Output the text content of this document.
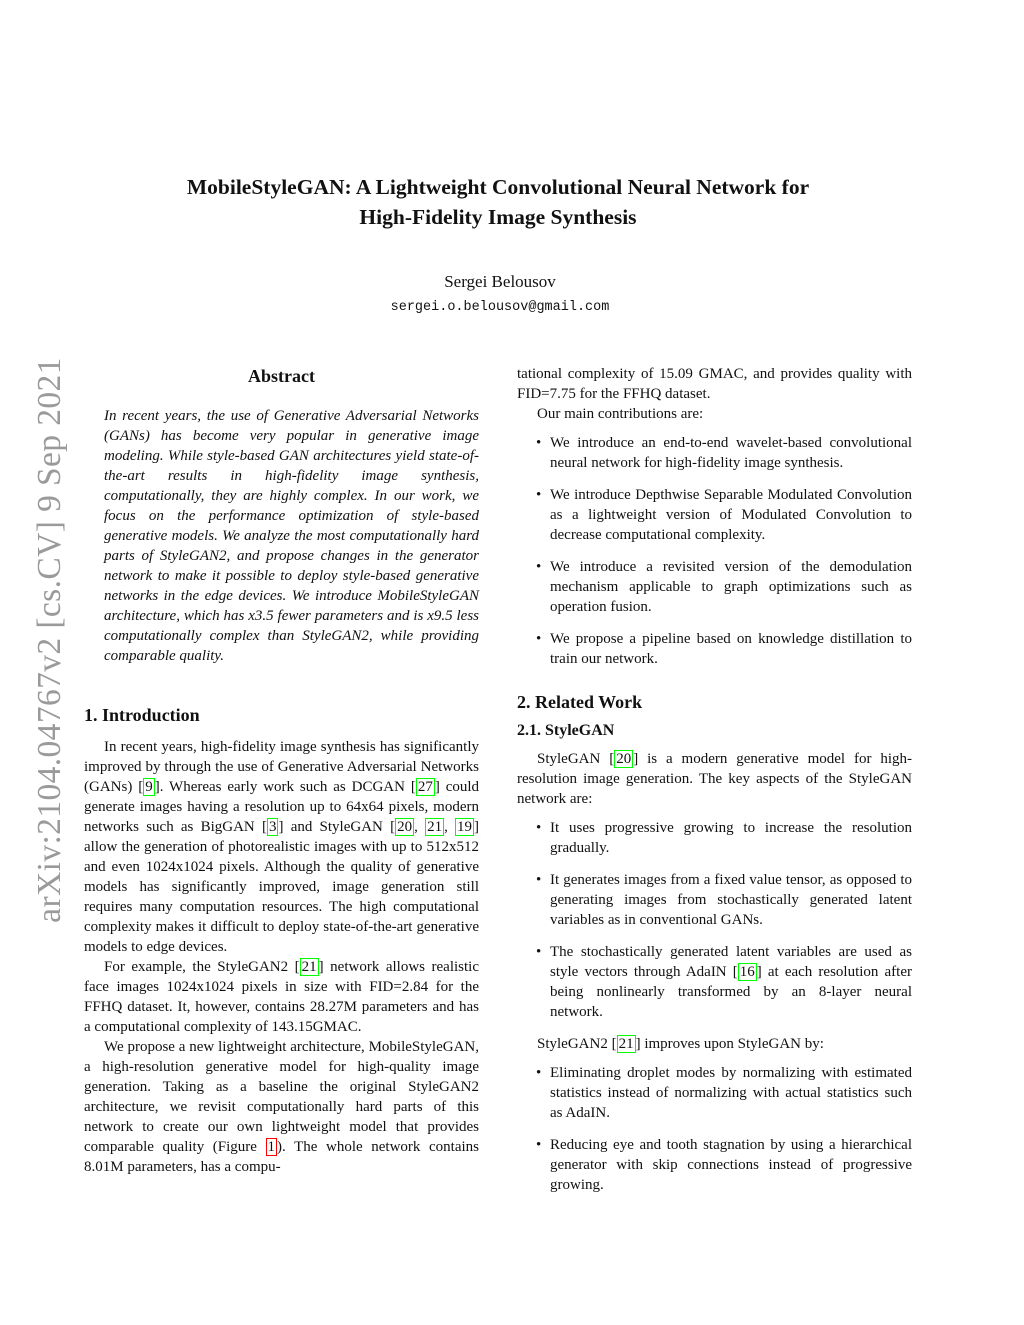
MobileStyleGAN: A Lightweight Convolutional Neural Network for
High-Fidelity Image Synthesis
Sergei Belousov
sergei.o.belousov@gmail.com
arXiv:2104.04767v2 [cs.CV] 9 Sep 2021	Abstract

In recent years, the use of Generative Adversarial Networks (GANs) has become very popular in generative image modeling. While style-based GAN architectures yield state-of-the-art results in high-fidelity image synthesis, computationally, they are highly complex. In our work, we focus on the performance optimization of style-based generative models. We analyze the most computationally hard parts of StyleGAN2, and propose changes in the generator network to make it possible to deploy style-based generative networks in the edge devices. We introduce MobileStyleGAN architecture, which has x3.5 fewer parameters and is x9.5 less computationally complex than StyleGAN2, while providing comparable quality.

1. Introduction

In recent years, high-fidelity image synthesis has significantly improved by through the use of Generative Adversarial Networks (GANs) [ 9 ]. Whereas early work such as DCGAN [ 27 ] could generate images having a resolution up to 64x64 pixels, modern networks such as BigGAN [ 3 ] and StyleGAN [ 20 , 21 , 19 ] allow the generation of photorealistic images with up to 512x512 and even 1024x1024 pixels. Although the quality of generative models has significantly improved, image generation still requires many computation resources. The high computational complexity makes it difficult to deploy state-of-the-art generative models to edge devices.

For example, the StyleGAN2 [ 21 ] network allows realistic face images 1024x1024 pixels in size with FID=2.84 for the FFHQ dataset. It, however, contains 28.27M parameters and has a computational complexity of 143.15GMAC.

We propose a new lightweight architecture, MobileStyleGAN, a high-resolution generative model for high-quality image generation. Taking as a baseline the original StyleGAN2 architecture, we revisit computationally hard parts of this network to create our own lightweight model that provides comparable quality (Figure 1 ). The whole network contains 8.01M parameters, has a compu-

tational complexity of 15.09 GMAC, and provides quality with FID=7.75 for the FFHQ dataset.

Our main contributions are:

• We introduce an end-to-end wavelet-based convolutional neural network for high-fidelity image synthesis.
• We introduce Depthwise Separable Modulated Convolution as a lightweight version of Modulated Convolution to decrease computational complexity.
• We introduce a revisited version of the demodulation mechanism applicable to graph optimizations such as operation fusion.
• We propose a pipeline based on knowledge distillation to train our network.
2. Related Work
2.1. StyleGAN

StyleGAN [ 20 ] is a modern generative model for high-resolution image generation. The key aspects of the StyleGAN network are:

• It uses progressive growing to increase the resolution gradually.
• It generates images from a fixed value tensor, as opposed to generating images from stochastically generated latent variables as in conventional GANs.
• The stochastically generated latent variables are used as style vectors through AdaIN [ 16 ] at each resolution after being nonlinearly transformed by an 8-layer neural network.

StyleGAN2 [ 21 ] improves upon StyleGAN by:

• Eliminating droplet modes by normalizing with estimated statistics instead of normalizing with actual statistics such as AdaIN.
• Reducing eye and tooth stagnation by using a hierarchical generator with skip connections instead of progressive growing.
